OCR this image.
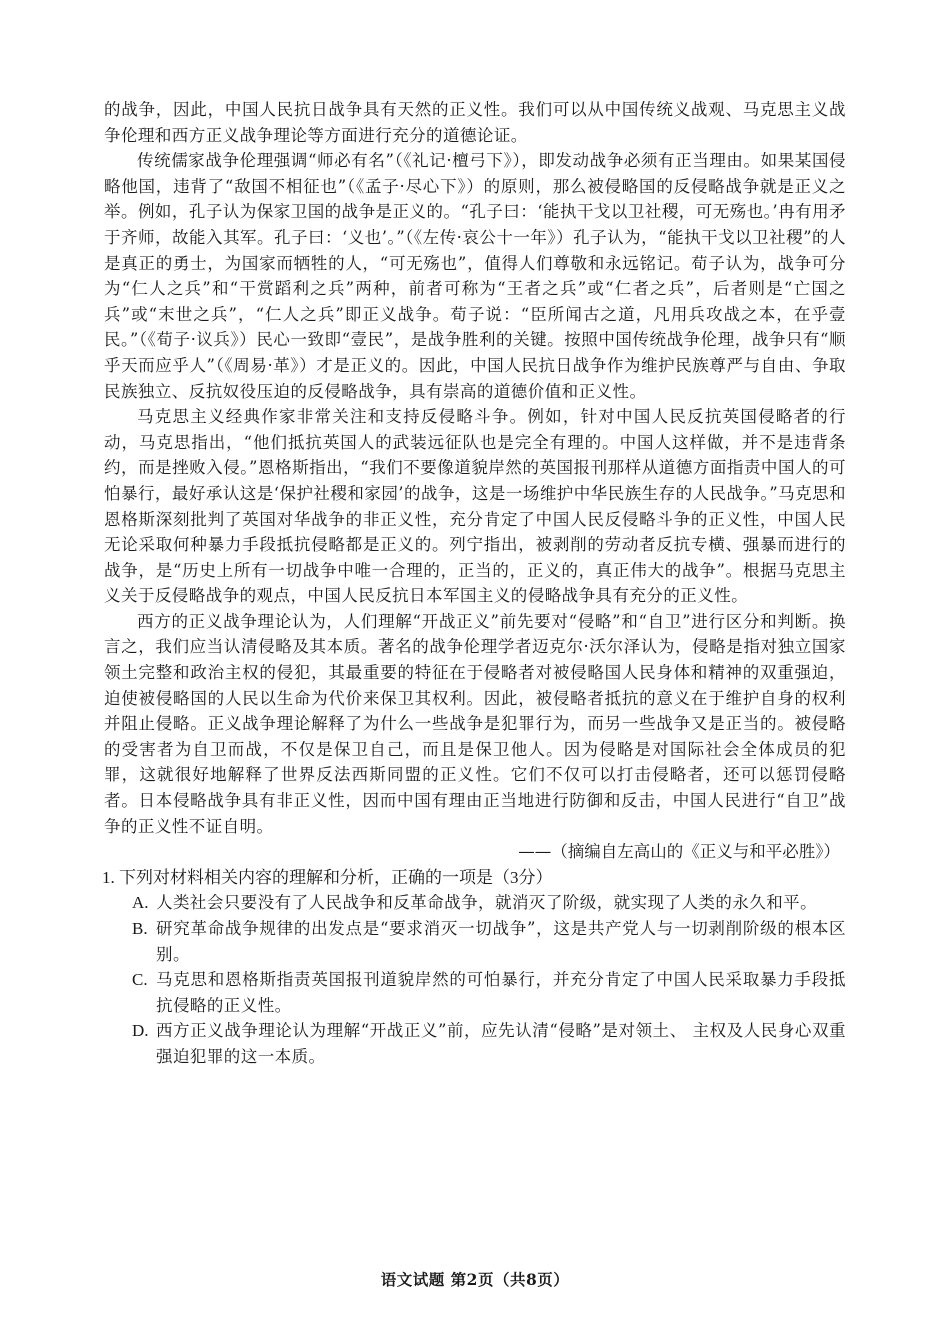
的战争，因此，中国人民抗日战争具有天然的正义性。我们可以从中国传统义战观、马克思主义战争伦理和西方正义战争理论等方面进行充分的道德论证。

传统儒家战争伦理强调“师必有名”（《礼记·檀弓下》），即发动战争必须有正当理由。如果某国侵略他国，违背了“敌国不相征也”（《孟子·尽心下》）的原则，那么被侵略国的反侵略战争就是正义之举。例如，孔子认为保家卫国的战争是正义的。“孔子曰：‘能执干戈以卫社稷，可无殇也。’冉有用矛于齐师，故能入其军。孔子曰：‘义也’。”（《左传·哀公十一年》）孔子认为，“能执干戈以卫社稷”的人是真正的勇士，为国家而牺牲的人，“可无殇也”，值得人们尊敬和永远铭记。荀子认为，战争可分为“仁人之兵”和“干赏蹈利之兵”两种，前者可称为“王者之兵”或“仁者之兵”，后者则是“亡国之兵”或“末世之兵”，“仁人之兵”即正义战争。荀子说：“臣所闻古之道，凡用兵攻战之本，在乎壹民。”（《荀子·议兵》）民心一致即“壹民”，是战争胜利的关键。按照中国传统战争伦理，战争只有“顺乎天而应乎人”（《周易·革》）才是正义的。因此，中国人民抗日战争作为维护民族尊严与自由、争取民族独立、反抗奴役压迫的反侵略战争，具有崇高的道德价值和正义性。

马克思主义经典作家非常关注和支持反侵略斗争。例如，针对中国人民反抗英国侵略者的行动，马克思指出，“他们抵抗英国人的武装远征队也是完全有理的。中国人这样做，并不是违背条约，而是挫败入侵。”恩格斯指出，“我们不要像道貌岸然的英国报刊那样从道德方面指责中国人的可怕暴行，最好承认这是‘保护社稷和家园’的战争，这是一场维护中华民族生存的人民战争。”马克思和恩格斯深刻批判了英国对华战争的非正义性，充分肯定了中国人民反侵略斗争的正义性，中国人民无论采取何种暴力手段抵抗侵略都是正义的。列宁指出，被剥削的劳动者反抗专横、强暴而进行的战争，是“历史上所有一切战争中唯一合理的，正当的，正义的，真正伟大的战争”。根据马克思主义关于反侵略战争的观点，中国人民反抗日本军国主义的侵略战争具有充分的正义性。

西方的正义战争理论认为，人们理解“开战正义”前先要对“侵略”和“自卫”进行区分和判断。换言之，我们应当认清侵略及其本质。著名的战争伦理学者迈克尔·沃尔泽认为，侵略是指对独立国家领土完整和政治主权的侵犯，其最重要的特征在于侵略者对被侵略国人民身体和精神的双重强迫，迫使被侵略国的人民以生命为代价来保卫其权利。因此，被侵略者抵抗的意义在于维护自身的权利并阻止侵略。正义战争理论解释了为什么一些战争是犯罪行为，而另一些战争又是正当的。被侵略的受害者为自卫而战，不仅是保卫自己，而且是保卫他人。因为侵略是对国际社会全体成员的犯罪，这就很好地解释了世界反法西斯同盟的正义性。它们不仅可以打击侵略者，还可以惩罚侵略者。日本侵略战争具有非正义性，因而中国有理由正当地进行防御和反击，中国人民进行“自卫”战争的正义性不证自明。

——（摘编自左高山的《正义与和平必胜》）

1. 下列对材料相关内容的理解和分析，正确的一项是（3分）

A. 人类社会只要没有了人民战争和反革命战争，就消灭了阶级，就实现了人类的永久和平。
B. 研究革命战争规律的出发点是“要求消灭一切战争”，这是共产党人与一切剥削阶级的根本区别。
C. 马克思和恩格斯指责英国报刊道貌岸然的可怕暴行，并充分肯定了中国人民采取暴力手段抵抗侵略的正义性。
D. 西方正义战争理论认为理解“开战正义”前，应先认清“侵略”是对领土、 主权及人民身心双重强迫犯罪的这一本质。
语文试题 第2页（共8页）
